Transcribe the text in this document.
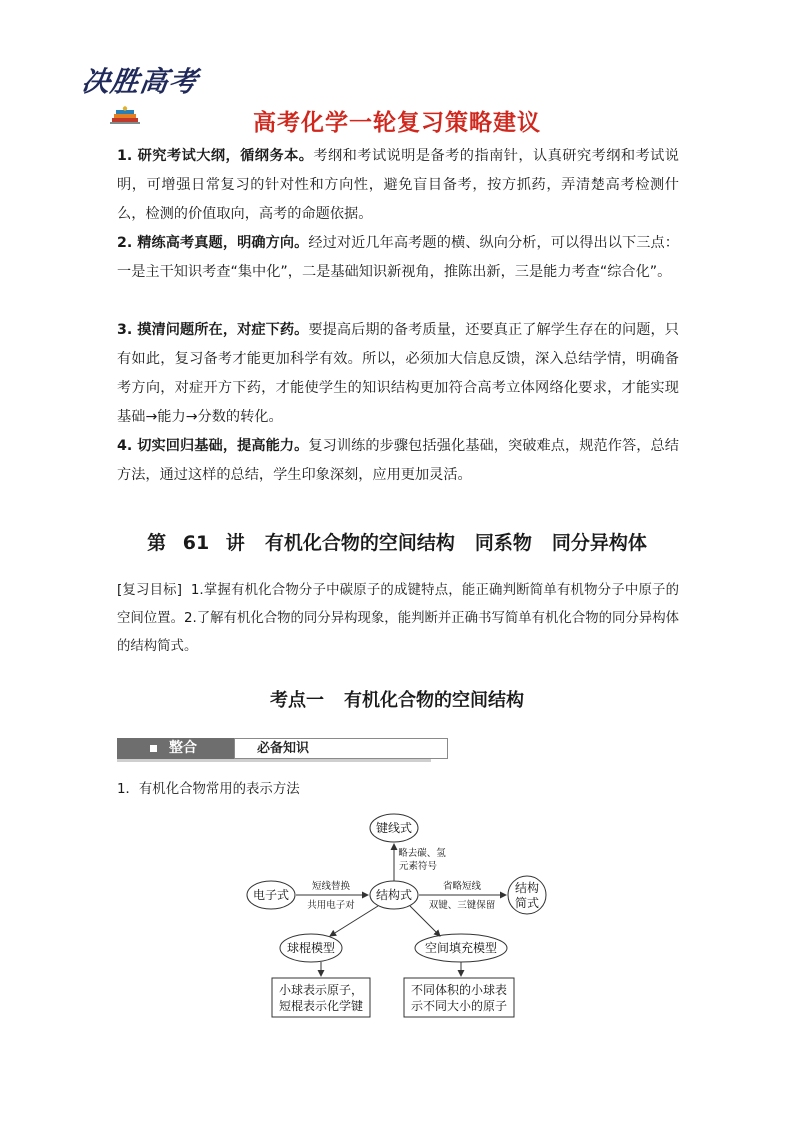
决胜高考
高考化学一轮复习策略建议

1. 研究考试大纲，循纲务本。考纲和考试说明是备考的指南针，认真研究考纲和考试说明，可增强日常复习的针对性和方向性，避免盲目备考，按方抓药，弄清楚高考检测什么，检测的价值取向，高考的命题依据。

2. 精练高考真题，明确方向。经过对近几年高考题的横、纵向分析，可以得出以下三点：一是主干知识考查“集中化”，二是基础知识新视角，推陈出新，三是能力考查“综合化”。

3. 摸清问题所在，对症下药。要提高后期的备考质量，还要真正了解学生存在的问题，只有如此，复习备考才能更加科学有效。所以，必须加大信息反馈，深入总结学情，明确备考方向，对症开方下药，才能使学生的知识结构更加符合高考立体网络化要求，才能实现基础→能力→分数的转化。

4. 切实回归基础，提高能力。复习训练的步骤包括强化基础，突破难点，规范作答，总结方法，通过这样的总结，学生印象深刻，应用更加灵活。

第 61 讲 有机化合物的空间结构 同系物 同分异构体

[复习目标] 1.掌握有机化合物分子中碳原子的成键特点，能正确判断简单有机物分子中原子的空间位置。2.了解有机化合物的同分异构现象，能判断并正确书写简单有机化合物的同分异构体的结构简式。

考点一 有机化合物的空间结构
整合	必备知识
1．有机化合物常用的表示方法
键线式
电子式	结构式	结构
简式
球棍模型	空间填充模型
小球表示原子，
短棍表示化学键
不同体积的小球表
示不同大小的原子
略去碳、氢
元素符号
短线替换
共用电子对
省略短线
双键、三键保留
